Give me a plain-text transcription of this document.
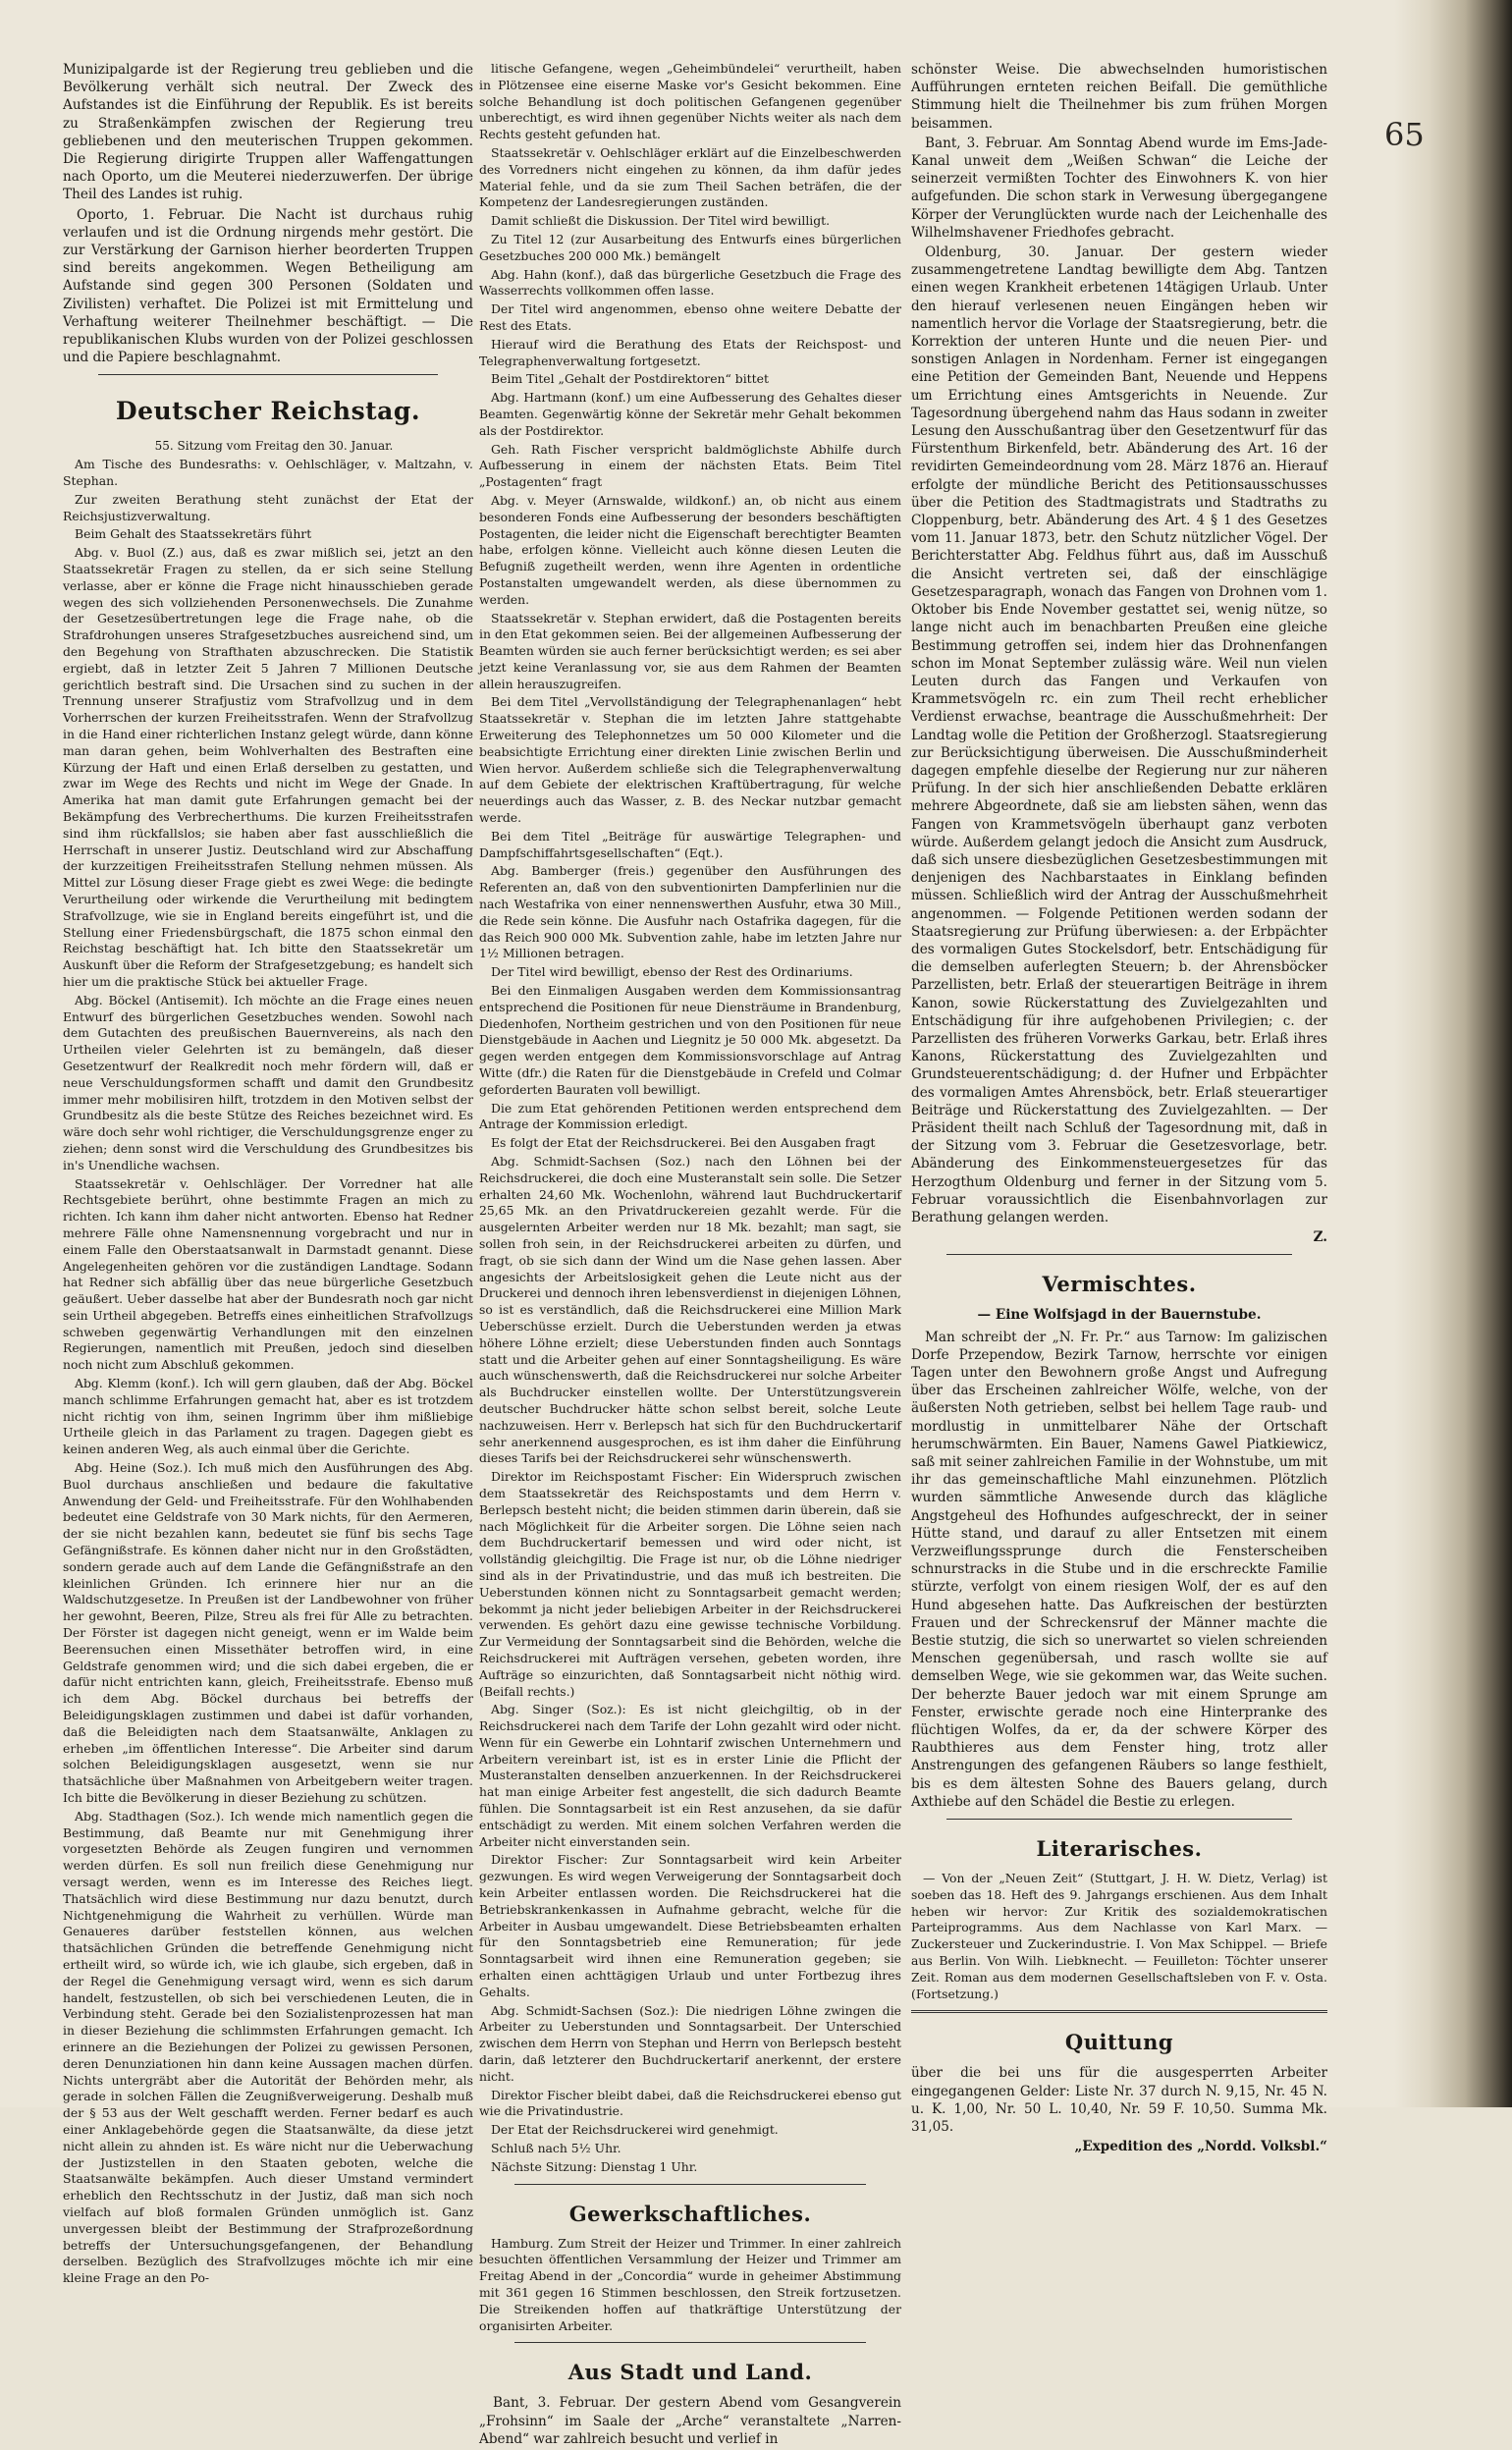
65

Munizipalgarde ist der Regierung treu geblieben und die Bevölkerung verhält sich neutral. Der Zweck des Aufstandes ist die Einführung der Republik. Es ist bereits zu Straßenkämpfen zwischen der Regierung treu gebliebenen und den meuterischen Truppen gekommen. Die Regierung dirigirte Truppen aller Waffengattungen nach Oporto, um die Meuterei niederzuwerfen. Der übrige Theil des Landes ist ruhig.

Oporto, 1. Februar. Die Nacht ist durchaus ruhig verlaufen und ist die Ordnung nirgends mehr gestört. Die zur Verstärkung der Garnison hierher beorderten Truppen sind bereits angekommen. Wegen Betheiligung am Aufstande sind gegen 300 Personen (Soldaten und Zivilisten) verhaftet. Die Polizei ist mit Ermittelung und Verhaftung weiterer Theilnehmer beschäftigt. — Die republikanischen Klubs wurden von der Polizei geschlossen und die Papiere beschlagnahmt.

Deutscher Reichstag.

55. Sitzung vom Freitag den 30. Januar.

Am Tische des Bundesraths: v. Oehlschläger, v. Maltzahn, v. Stephan.

Zur zweiten Berathung steht zunächst der Etat der Reichsjustizverwaltung.

Beim Gehalt des Staatssekretärs führt

Abg. v. Buol (Z.) aus, daß es zwar mißlich sei, jetzt an den Staatssekretär Fragen zu stellen, da er sich seine Stellung verlasse, aber er könne die Frage nicht hinausschieben gerade wegen des sich vollziehenden Personenwechsels. Die Zunahme der Gesetzesübertretungen lege die Frage nahe, ob die Strafdrohungen unseres Strafgesetzbuches ausreichend sind, um den Begehung von Strafthaten abzuschrecken. Die Statistik ergiebt, daß in letzter Zeit 5 Jahren 7 Millionen Deutsche gerichtlich bestraft sind. Die Ursachen sind zu suchen in der Trennung unserer Strafjustiz vom Strafvollzug und in dem Vorherrschen der kurzen Freiheitsstrafen. Wenn der Strafvollzug in die Hand einer richterlichen Instanz gelegt würde, dann könne man daran gehen, beim Wohlverhalten des Bestraften eine Kürzung der Haft und einen Erlaß derselben zu gestatten, und zwar im Wege des Rechts und nicht im Wege der Gnade. In Amerika hat man damit gute Erfahrungen gemacht bei der Bekämpfung des Verbrecherthums. Die kurzen Freiheitsstrafen sind ihm rückfallslos; sie haben aber fast ausschließlich die Herrschaft in unserer Justiz. Deutschland wird zur Abschaffung der kurzzeitigen Freiheitsstrafen Stellung nehmen müssen. Als Mittel zur Lösung dieser Frage giebt es zwei Wege: die bedingte Verurtheilung oder wirkende die Verurtheilung mit bedingtem Strafvollzuge, wie sie in England bereits eingeführt ist, und die Stellung einer Friedensbürgschaft, die 1875 schon einmal den Reichstag beschäftigt hat. Ich bitte den Staatssekretär um Auskunft über die Reform der Strafgesetzgebung; es handelt sich hier um die praktische Stück bei aktueller Frage.

Abg. Böckel (Antisemit). Ich möchte an die Frage eines neuen Entwurf des bürgerlichen Gesetzbuches wenden. Sowohl nach dem Gutachten des preußischen Bauernvereins, als nach den Urtheilen vieler Gelehrten ist zu bemängeln, daß dieser Gesetzentwurf der Realkredit noch mehr fördern will, daß er neue Verschuldungsformen schafft und damit den Grundbesitz immer mehr mobilisiren hilft, trotzdem in den Motiven selbst der Grundbesitz als die beste Stütze des Reiches bezeichnet wird. Es wäre doch sehr wohl richtiger, die Verschuldungsgrenze enger zu ziehen; denn sonst wird die Verschuldung des Grundbesitzes bis in's Unendliche wachsen.

Staatssekretär v. Oehlschläger. Der Vorredner hat alle Rechtsgebiete berührt, ohne bestimmte Fragen an mich zu richten. Ich kann ihm daher nicht antworten. Ebenso hat Redner mehrere Fälle ohne Namensnennung vorgebracht und nur in einem Falle den Oberstaatsanwalt in Darmstadt genannt. Diese Angelegenheiten gehören vor die zuständigen Landtage. Sodann hat Redner sich abfällig über das neue bürgerliche Gesetzbuch geäußert. Ueber dasselbe hat aber der Bundesrath noch gar nicht sein Urtheil abgegeben. Betreffs eines einheitlichen Strafvollzugs schweben gegenwärtig Verhandlungen mit den einzelnen Regierungen, namentlich mit Preußen, jedoch sind dieselben noch nicht zum Abschluß gekommen.

Abg. Klemm (konf.). Ich will gern glauben, daß der Abg. Böckel manch schlimme Erfahrungen gemacht hat, aber es ist trotzdem nicht richtig von ihm, seinen Ingrimm über ihm mißliebige Urtheile gleich in das Parlament zu tragen. Dagegen giebt es keinen anderen Weg, als auch einmal über die Gerichte.

Abg. Heine (Soz.). Ich muß mich den Ausführungen des Abg. Buol durchaus anschließen und bedaure die fakultative Anwendung der Geld- und Freiheitsstrafe. Für den Wohlhabenden bedeutet eine Geldstrafe von 30 Mark nichts, für den Aermeren, der sie nicht bezahlen kann, bedeutet sie fünf bis sechs Tage Gefängnißstrafe. Es können daher nicht nur in den Großstädten, sondern gerade auch auf dem Lande die Gefängnißstrafe an den kleinlichen Gründen. Ich erinnere hier nur an die Waldschutzgesetze. In Preußen ist der Landbewohner von früher her gewohnt, Beeren, Pilze, Streu als frei für Alle zu betrachten. Der Förster ist dagegen nicht geneigt, wenn er im Walde beim Beerensuchen einen Missethäter betroffen wird, in eine Geldstrafe genommen wird; und die sich dabei ergeben, die er dafür nicht entrichten kann, gleich, Freiheitsstrafe. Ebenso muß ich dem Abg. Böckel durchaus bei betreffs der Beleidigungsklagen zustimmen und dabei ist dafür vorhanden, daß die Beleidigten nach dem Staatsanwälte, Anklagen zu erheben „im öffentlichen Interesse“. Die Arbeiter sind darum solchen Beleidigungsklagen ausgesetzt, wenn sie nur thatsächliche über Maßnahmen von Arbeitgebern weiter tragen. Ich bitte die Bevölkerung in dieser Beziehung zu schützen.

Abg. Stadthagen (Soz.). Ich wende mich namentlich gegen die Bestimmung, daß Beamte nur mit Genehmigung ihrer vorgesetzten Behörde als Zeugen fungiren und vernommen werden dürfen. Es soll nun freilich diese Genehmigung nur versagt werden, wenn es im Interesse des Reiches liegt. Thatsächlich wird diese Bestimmung nur dazu benutzt, durch Nichtgenehmigung die Wahrheit zu verhüllen. Würde man Genaueres darüber feststellen können, aus welchen thatsächlichen Gründen die betreffende Genehmigung nicht ertheilt wird, so würde ich, wie ich glaube, sich ergeben, daß in der Regel die Genehmigung versagt wird, wenn es sich darum handelt, festzustellen, ob sich bei verschiedenen Leuten, die in Verbindung steht. Gerade bei den Sozialistenprozessen hat man in dieser Beziehung die schlimmsten Erfahrungen gemacht. Ich erinnere an die Beziehungen der Polizei zu gewissen Personen, deren Denunziationen hin dann keine Aussagen machen dürfen. Nichts untergräbt aber die Autorität der Behörden mehr, als gerade in solchen Fällen die Zeugnißverweigerung. Deshalb muß der § 53 aus der Welt geschafft werden. Ferner bedarf es auch einer Anklagebehörde gegen die Staatsanwälte, da diese jetzt nicht allein zu ahnden ist. Es wäre nicht nur die Ueberwachung der Justizstellen in den Staaten geboten, welche die Staatsanwälte bekämpfen. Auch dieser Umstand vermindert erheblich den Rechtsschutz in der Justiz, daß man sich noch vielfach auf bloß formalen Gründen unmöglich ist. Ganz unvergessen bleibt der Bestimmung der Strafprozeßordnung betreffs der Untersuchungsgefangenen, der Behandlung derselben. Bezüglich des Strafvollzuges möchte ich mir eine kleine Frage an den Po-

litische Gefangene, wegen „Geheimbündelei“ verurtheilt, haben in Plötzensee eine eiserne Maske vor's Gesicht bekommen. Eine solche Behandlung ist doch politischen Gefangenen gegenüber unberechtigt, es wird ihnen gegenüber Nichts weiter als nach dem Rechts gesteht gefunden hat.

Staatssekretär v. Oehlschläger erklärt auf die Einzelbeschwerden des Vorredners nicht eingehen zu können, da ihm dafür jedes Material fehle, und da sie zum Theil Sachen beträfen, die der Kompetenz der Landesregierungen zuständen.

Damit schließt die Diskussion. Der Titel wird bewilligt.

Zu Titel 12 (zur Ausarbeitung des Entwurfs eines bürgerlichen Gesetzbuches 200 000 Mk.) bemängelt

Abg. Hahn (konf.), daß das bürgerliche Gesetzbuch die Frage des Wasserrechts vollkommen offen lasse.

Der Titel wird angenommen, ebenso ohne weitere Debatte der Rest des Etats.

Hierauf wird die Berathung des Etats der Reichspost- und Telegraphenverwaltung fortgesetzt.

Beim Titel „Gehalt der Postdirektoren“ bittet

Abg. Hartmann (konf.) um eine Aufbesserung des Gehaltes dieser Beamten. Gegenwärtig könne der Sekretär mehr Gehalt bekommen als der Postdirektor.

Geh. Rath Fischer verspricht baldmöglichste Abhilfe durch Aufbesserung in einem der nächsten Etats. Beim Titel „Postagenten“ fragt

Abg. v. Meyer (Arnswalde, wildkonf.) an, ob nicht aus einem besonderen Fonds eine Aufbesserung der besonders beschäftigten Postagenten, die leider nicht die Eigenschaft berechtigter Beamten habe, erfolgen könne. Vielleicht auch könne diesen Leuten die Befugniß zugetheilt werden, wenn ihre Agenten in ordentliche Postanstalten umgewandelt werden, als diese übernommen zu werden.

Staatssekretär v. Stephan erwidert, daß die Postagenten bereits in den Etat gekommen seien. Bei der allgemeinen Aufbesserung der Beamten würden sie auch ferner berücksichtigt werden; es sei aber jetzt keine Veranlassung vor, sie aus dem Rahmen der Beamten allein herauszugreifen.

Bei dem Titel „Vervollständigung der Telegraphenanlagen“ hebt Staatssekretär v. Stephan die im letzten Jahre stattgehabte Erweiterung des Telephonnetzes um 50 000 Kilometer und die beabsichtigte Errichtung einer direkten Linie zwischen Berlin und Wien hervor. Außerdem schließe sich die Telegraphenverwaltung auf dem Gebiete der elektrischen Kraftübertragung, für welche neuerdings auch das Wasser, z. B. des Neckar nutzbar gemacht werde.

Bei dem Titel „Beiträge für auswärtige Telegraphen- und Dampfschiffahrtsgesellschaften“ (Eqt.).

Abg. Bamberger (freis.) gegenüber den Ausführungen des Referenten an, daß von den subventionirten Dampferlinien nur die nach Westafrika von einer nennenswerthen Ausfuhr, etwa 30 Mill., die Rede sein könne. Die Ausfuhr nach Ostafrika dagegen, für die das Reich 900 000 Mk. Subvention zahle, habe im letzten Jahre nur 1½ Millionen betragen.

Der Titel wird bewilligt, ebenso der Rest des Ordinariums.

Bei den Einmaligen Ausgaben werden dem Kommissionsantrag entsprechend die Positionen für neue Diensträume in Brandenburg, Diedenhofen, Northeim gestrichen und von den Positionen für neue Dienstgebäude in Aachen und Liegnitz je 50 000 Mk. abgesetzt. Da gegen werden entgegen dem Kommissionsvorschlage auf Antrag Witte (dfr.) die Raten für die Dienstgebäude in Crefeld und Colmar geforderten Bauraten voll bewilligt.

Die zum Etat gehörenden Petitionen werden entsprechend dem Antrage der Kommission erledigt.

Es folgt der Etat der Reichsdruckerei. Bei den Ausgaben fragt

Abg. Schmidt-Sachsen (Soz.) nach den Löhnen bei der Reichsdruckerei, die doch eine Musteranstalt sein solle. Die Setzer erhalten 24,60 Mk. Wochenlohn, während laut Buchdruckertarif 25,65 Mk. an den Privatdruckereien gezahlt werde. Für die ausgelernten Arbeiter werden nur 18 Mk. bezahlt; man sagt, sie sollen froh sein, in der Reichsdruckerei arbeiten zu dürfen, und fragt, ob sie sich dann der Wind um die Nase gehen lassen. Aber angesichts der Arbeitslosigkeit gehen die Leute nicht aus der Druckerei und dennoch ihren lebensverdienst in diejenigen Löhnen, so ist es verständlich, daß die Reichsdruckerei eine Million Mark Ueberschüsse erzielt. Durch die Ueberstunden werden ja etwas höhere Löhne erzielt; diese Ueberstunden finden auch Sonntags statt und die Arbeiter gehen auf einer Sonntagsheiligung. Es wäre auch wünschenswerth, daß die Reichsdruckerei nur solche Arbeiter als Buchdrucker einstellen wollte. Der Unterstützungsverein deutscher Buchdrucker hätte schon selbst bereit, solche Leute nachzuweisen. Herr v. Berlepsch hat sich für den Buchdruckertarif sehr anerkennend ausgesprochen, es ist ihm daher die Einführung dieses Tarifs bei der Reichsdruckerei sehr wünschenswerth.

Direktor im Reichspostamt Fischer: Ein Widerspruch zwischen dem Staatssekretär des Reichspostamts und dem Herrn v. Berlepsch besteht nicht; die beiden stimmen darin überein, daß sie nach Möglichkeit für die Arbeiter sorgen. Die Löhne seien nach dem Buchdruckertarif bemessen und wird oder nicht, ist vollständig gleichgiltig. Die Frage ist nur, ob die Löhne niedriger sind als in der Privatindustrie, und das muß ich bestreiten. Die Ueberstunden können nicht zu Sonntagsarbeit gemacht werden; bekommt ja nicht jeder beliebigen Arbeiter in der Reichsdruckerei verwenden. Es gehört dazu eine gewisse technische Vorbildung. Zur Vermeidung der Sonntagsarbeit sind die Behörden, welche die Reichsdruckerei mit Aufträgen versehen, gebeten worden, ihre Aufträge so einzurichten, daß Sonntagsarbeit nicht nöthig wird. (Beifall rechts.)

Abg. Singer (Soz.): Es ist nicht gleichgiltig, ob in der Reichsdruckerei nach dem Tarife der Lohn gezahlt wird oder nicht. Wenn für ein Gewerbe ein Lohntarif zwischen Unternehmern und Arbeitern vereinbart ist, ist es in erster Linie die Pflicht der Musteranstalten denselben anzuerkennen. In der Reichsdruckerei hat man einige Arbeiter fest angestellt, die sich dadurch Beamte fühlen. Die Sonntagsarbeit ist ein Rest anzusehen, da sie dafür entschädigt zu werden. Mit einem solchen Verfahren werden die Arbeiter nicht einverstanden sein.

Direktor Fischer: Zur Sonntagsarbeit wird kein Arbeiter gezwungen. Es wird wegen Verweigerung der Sonntagsarbeit doch kein Arbeiter entlassen worden. Die Reichsdruckerei hat die Betriebskrankenkassen in Aufnahme gebracht, welche für die Arbeiter in Ausbau umgewandelt. Diese Betriebsbeamten erhalten für den Sonntagsbetrieb eine Remuneration; für jede Sonntagsarbeit wird ihnen eine Remuneration gegeben; sie erhalten einen achttägigen Urlaub und unter Fortbezug ihres Gehalts.

Abg. Schmidt-Sachsen (Soz.): Die niedrigen Löhne zwingen die Arbeiter zu Ueberstunden und Sonntagsarbeit. Der Unterschied zwischen dem Herrn von Stephan und Herrn von Berlepsch besteht darin, daß letzterer den Buchdruckertarif anerkennt, der erstere nicht.

Direktor Fischer bleibt dabei, daß die Reichsdruckerei ebenso gut wie die Privatindustrie.

Der Etat der Reichsdruckerei wird genehmigt.

Schluß nach 5½ Uhr.

Nächste Sitzung: Dienstag 1 Uhr.

Gewerkschaftliches.

Hamburg. Zum Streit der Heizer und Trimmer. In einer zahlreich besuchten öffentlichen Versammlung der Heizer und Trimmer am Freitag Abend in der „Concordia“ wurde in geheimer Abstimmung mit 361 gegen 16 Stimmen beschlossen, den Streik fortzusetzen. Die Streikenden hoffen auf thatkräftige Unterstützung der organisirten Arbeiter.

Aus Stadt und Land.

Bant, 3. Februar. Der gestern Abend vom Gesangverein „Frohsinn“ im Saale der „Arche“ veranstaltete „Narren-Abend“ war zahlreich besucht und verlief in

schönster Weise. Die abwechselnden humoristischen Aufführungen ernteten reichen Beifall. Die gemüthliche Stimmung hielt die Theilnehmer bis zum frühen Morgen beisammen.

Bant, 3. Februar. Am Sonntag Abend wurde im Ems-Jade-Kanal unweit dem „Weißen Schwan“ die Leiche der seinerzeit vermißten Tochter des Einwohners K. von hier aufgefunden. Die schon stark in Verwesung übergegangene Körper der Verunglückten wurde nach der Leichenhalle des Wilhelmshavener Friedhofes gebracht.

Oldenburg, 30. Januar. Der gestern wieder zusammengetretene Landtag bewilligte dem Abg. Tantzen einen wegen Krankheit erbetenen 14tägigen Urlaub. Unter den hierauf verlesenen neuen Eingängen heben wir namentlich hervor die Vorlage der Staatsregierung, betr. die Korrektion der unteren Hunte und die neuen Pier- und sonstigen Anlagen in Nordenham. Ferner ist eingegangen eine Petition der Gemeinden Bant, Neuende und Heppens um Errichtung eines Amtsgerichts in Neuende. Zur Tagesordnung übergehend nahm das Haus sodann in zweiter Lesung den Ausschußantrag über den Gesetzentwurf für das Fürstenthum Birkenfeld, betr. Abänderung des Art. 16 der revidirten Gemeindeordnung vom 28. März 1876 an. Hierauf erfolgte der mündliche Bericht des Petitionsausschusses über die Petition des Stadtmagistrats und Stadtraths zu Cloppenburg, betr. Abänderung des Art. 4 § 1 des Gesetzes vom 11. Januar 1873, betr. den Schutz nützlicher Vögel. Der Berichterstatter Abg. Feldhus führt aus, daß im Ausschuß die Ansicht vertreten sei, daß der einschlägige Gesetzesparagraph, wonach das Fangen von Drohnen vom 1. Oktober bis Ende November gestattet sei, wenig nütze, so lange nicht auch im benachbarten Preußen eine gleiche Bestimmung getroffen sei, indem hier das Drohnenfangen schon im Monat September zulässig wäre. Weil nun vielen Leuten durch das Fangen und Verkaufen von Krammetsvögeln rc. ein zum Theil recht erheblicher Verdienst erwachse, beantrage die Ausschußmehrheit: Der Landtag wolle die Petition der Großherzogl. Staatsregierung zur Berücksichtigung überweisen. Die Ausschußminderheit dagegen empfehle dieselbe der Regierung nur zur näheren Prüfung. In der sich hier anschließenden Debatte erklären mehrere Abgeordnete, daß sie am liebsten sähen, wenn das Fangen von Krammetsvögeln überhaupt ganz verboten würde. Außerdem gelangt jedoch die Ansicht zum Ausdruck, daß sich unsere diesbezüglichen Gesetzesbestimmungen mit denjenigen des Nachbarstaates in Einklang befinden müssen. Schließlich wird der Antrag der Ausschußmehrheit angenommen. — Folgende Petitionen werden sodann der Staatsregierung zur Prüfung überwiesen: a. der Erbpächter des vormaligen Gutes Stockelsdorf, betr. Entschädigung für die demselben auferlegten Steuern; b. der Ahrensböcker Parzellisten, betr. Erlaß der steuerartigen Beiträge in ihrem Kanon, sowie Rückerstattung des Zuvielgezahlten und Entschädigung für ihre aufgehobenen Privilegien; c. der Parzellisten des früheren Vorwerks Garkau, betr. Erlaß ihres Kanons, Rückerstattung des Zuvielgezahlten und Grundsteuerentschädigung; d. der Hufner und Erbpächter des vormaligen Amtes Ahrensböck, betr. Erlaß steuerartiger Beiträge und Rückerstattung des Zuvielgezahlten. — Der Präsident theilt nach Schluß der Tagesordnung mit, daß in der Sitzung vom 3. Februar die Gesetzesvorlage, betr. Abänderung des Einkommensteuergesetzes für das Herzogthum Oldenburg und ferner in der Sitzung vom 5. Februar voraussichtlich die Eisenbahnvorlagen zur Berathung gelangen werden.

Z.

Vermischtes.

— Eine Wolfsjagd in der Bauernstube.

Man schreibt der „N. Fr. Pr.“ aus Tarnow: Im galizischen Dorfe Przependow, Bezirk Tarnow, herrschte vor einigen Tagen unter den Bewohnern große Angst und Aufregung über das Erscheinen zahlreicher Wölfe, welche, von der äußersten Noth getrieben, selbst bei hellem Tage raub- und mordlustig in unmittelbarer Nähe der Ortschaft herumschwärmten. Ein Bauer, Namens Gawel Piatkiewicz, saß mit seiner zahlreichen Familie in der Wohnstube, um mit ihr das gemeinschaftliche Mahl einzunehmen. Plötzlich wurden sämmtliche Anwesende durch das klägliche Angstgeheul des Hofhundes aufgeschreckt, der in seiner Hütte stand, und darauf zu aller Entsetzen mit einem Verzweiflungssprunge durch die Fensterscheiben schnurstracks in die Stube und in die erschreckte Familie stürzte, verfolgt von einem riesigen Wolf, der es auf den Hund abgesehen hatte. Das Aufkreischen der bestürzten Frauen und der Schreckensruf der Männer machte die Bestie stutzig, die sich so unerwartet so vielen schreienden Menschen gegenübersah, und rasch wollte sie auf demselben Wege, wie sie gekommen war, das Weite suchen. Der beherzte Bauer jedoch war mit einem Sprunge am Fenster, erwischte gerade noch eine Hinterpranke des flüchtigen Wolfes, da er, da der schwere Körper des Raubthieres aus dem Fenster hing, trotz aller Anstrengungen des gefangenen Räubers so lange festhielt, bis es dem ältesten Sohne des Bauers gelang, durch Axthiebe auf den Schädel die Bestie zu erlegen.

Literarisches.

— Von der „Neuen Zeit“ (Stuttgart, J. H. W. Dietz, Verlag) ist soeben das 18. Heft des 9. Jahrgangs erschienen. Aus dem Inhalt heben wir hervor: Zur Kritik des sozialdemokratischen Parteiprogramms. Aus dem Nachlasse von Karl Marx. — Zuckersteuer und Zuckerindustrie. I. Von Max Schippel. — Briefe aus Berlin. Von Wilh. Liebknecht. — Feuilleton: Töchter unserer Zeit. Roman aus dem modernen Gesellschaftsleben von F. v. Osta. (Fortsetzung.)

Quittung

über die bei uns für die ausgesperrten Arbeiter eingegangenen Gelder: Liste Nr. 37 durch N. 9,15, Nr. 45 N. u. K. 1,00, Nr. 50 L. 10,40, Nr. 59 F. 10,50. Summa Mk. 31,05.

„Expedition des „Nordd. Volksbl.“
